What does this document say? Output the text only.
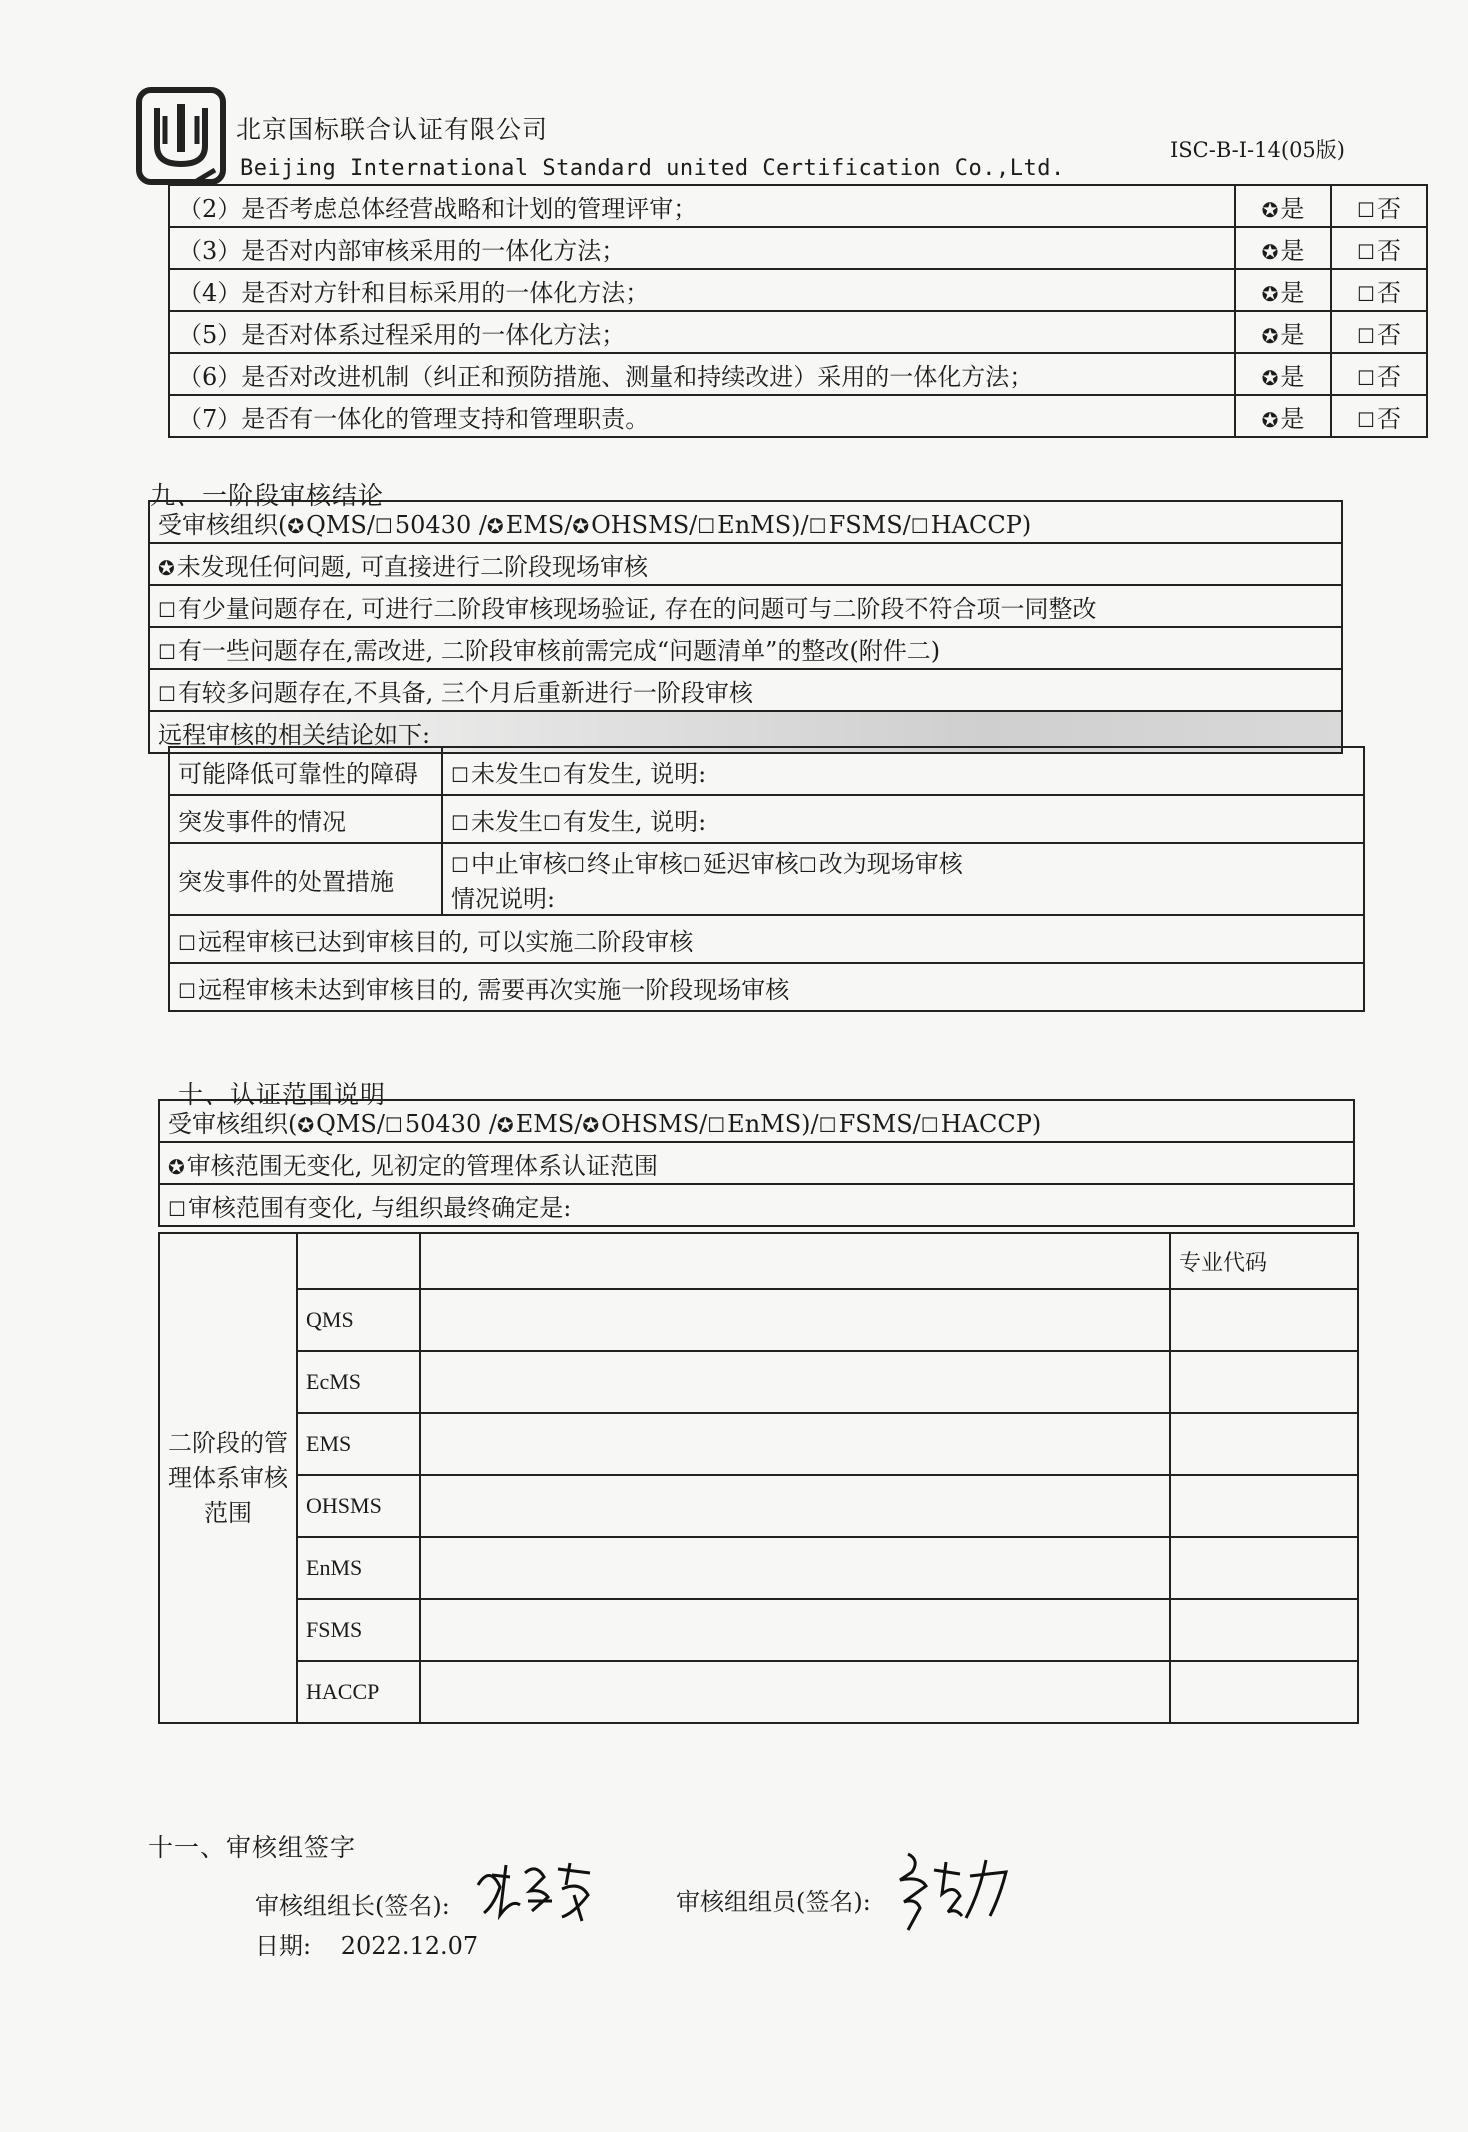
北京国标联合认证有限公司
Beijing International Standard united Certification Co.,Ltd.
ISC-B-I-14(05版)
（2）是否考虑总体经营战略和计划的管理评审；	✪是	☐否
（3）是否对内部审核采用的一体化方法；	✪是	☐否
（4）是否对方针和目标采用的一体化方法；	✪是	☐否
（5）是否对体系过程采用的一体化方法；	✪是	☐否
（6）是否对改进机制（纠正和预防措施、测量和持续改进）采用的一体化方法；	✪是	☐否
（7）是否有一体化的管理支持和管理职责。	✪是	☐否
九、一阶段审核结论
受审核组织(✪QMS/☐50430 /✪EMS/✪OHSMS/☐EnMS)/☐FSMS/☐HACCP)
✪未发现任何问题, 可直接进行二阶段现场审核
☐有少量问题存在, 可进行二阶段审核现场验证, 存在的问题可与二阶段不符合项一同整改
☐有一些问题存在,需改进, 二阶段审核前需完成“问题清单”的整改(附件二)
☐有较多问题存在,不具备, 三个月后重新进行一阶段审核
远程审核的相关结论如下:
可能降低可靠性的障碍	☐未发生☐有发生, 说明:
突发事件的情况	☐未发生☐有发生, 说明:
突发事件的处置措施	☐中止审核☐终止审核☐延迟审核☐改为现场审核
情况说明:

☐远程审核已达到审核目的, 可以实施二阶段审核	
☐远程审核未达到审核目的, 需要再次实施一阶段现场审核	
十、认证范围说明
受审核组织(✪QMS/☐50430 /✪EMS/✪OHSMS/☐EnMS)/☐FSMS/☐HACCP)
✪审核范围无变化, 见初定的管理体系认证范围
☐审核范围有变化, 与组织最终确定是:
二阶段的管理体系审核范围			专业代码
	QMS		
	EcMS		
	EMS		
	OHSMS		
	EnMS		
	FSMS		
	HACCP		
十一、审核组签字
审核组组长(签名):	审核组组员(签名):
日期: 2022.12.07
